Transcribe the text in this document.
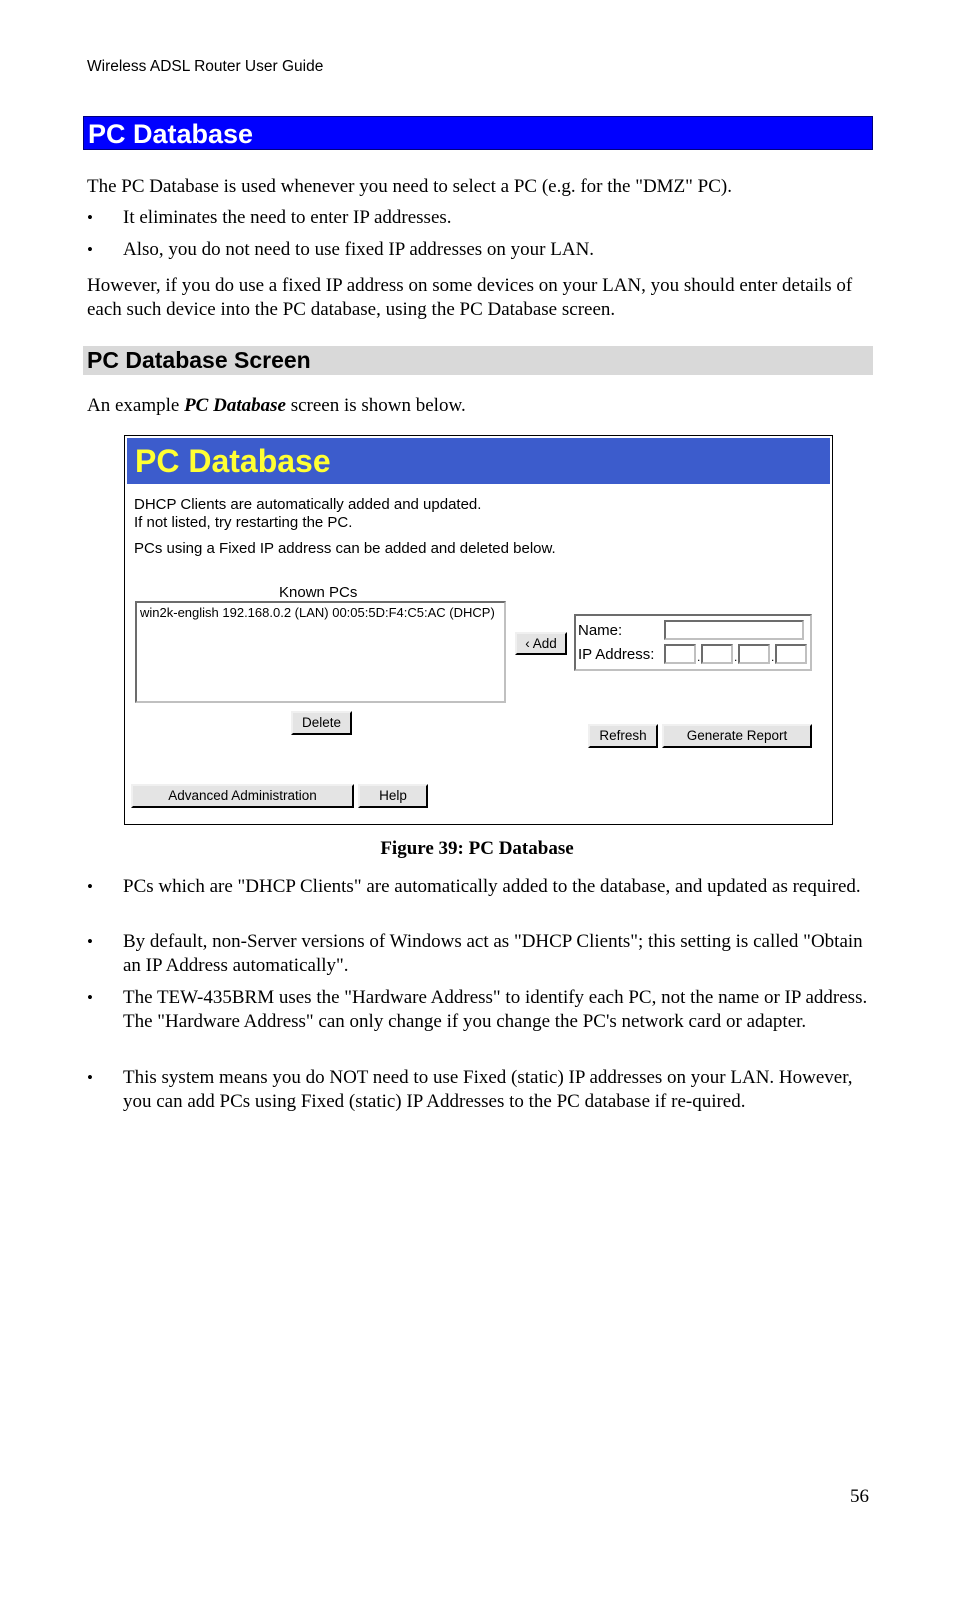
Wireless ADSL Router User Guide
PC Database
The PC Database is used whenever you need to select a PC (e.g. for the "DMZ" PC).
• It eliminates the need to enter IP addresses.
• Also, you do not need to use fixed IP addresses on your LAN.
However, if you do use a fixed IP address on some devices on your LAN, you should enter details of each such device into the PC database, using the PC Database screen.
PC Database Screen
An example PC Database screen is shown below.
PC Database
DHCP Clients are automatically added and updated.
If not listed, try restarting the PC.
PCs using a Fixed IP address can be added and deleted below.
Known PCs
win2k-english 192.168.0.2 (LAN) 00:05:5D:F4:C5:AC (DHCP)
‹ Add
Name:
IP Address:	.	.	.
Delete
Refresh	Generate Report
Advanced Administration	Help
Figure 39: PC Database
• PCs which are "DHCP Clients" are automatically added to the database, and updated as required.
• By default, non-Server versions of Windows act as "DHCP Clients"; this setting is called "Obtain an IP Address automatically".
• The TEW-435BRM uses the "Hardware Address" to identify each PC, not the name or IP address. The "Hardware Address" can only change if you change the PC's network card or adapter.
• This system means you do NOT need to use Fixed (static) IP addresses on your LAN. However, you can add PCs using Fixed (static) IP Addresses to the PC database if re-quired.
56
